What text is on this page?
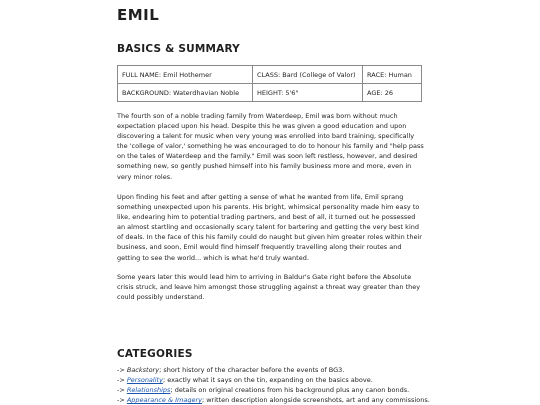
EMIL
BASICS & SUMMARY
FULL NAME: Emil Hothemer	CLASS: Bard (College of Valor)	RACE: Human
BACKGROUND: Waterdhavian Noble	HEIGHT: 5'6"	AGE: 26

The fourth son of a noble trading family from Waterdeep, Emil was born without much expectation placed upon his head. Despite this he was given a good education and upon discovering a talent for music when very young was enrolled into bard training, specifically the 'college of valor,' something he was encouraged to do to honour his family and "help pass on the tales of Waterdeep and the family." Emil was soon left restless, however, and desired something new, so gently pushed himself into his family business more and more, even in very minor roles.

Upon finding his feet and after getting a sense of what he wanted from life, Emil sprang something unexpected upon his parents. His bright, whimsical personality made him easy to like, endearing him to potential trading partners, and best of all, it turned out he possessed an almost startling and occasionally scary talent for bartering and getting the very best kind of deals. In the face of this his family could do naught but given him greater roles within their business, and soon, Emil would find himself frequently travelling along their routes and getting to see the world... which is what he'd truly wanted.

Some years later this would lead him to arriving in Baldur's Gate right before the Absolute crisis struck, and leave him amongst those struggling against a threat way greater than they could possibly understand.

CATEGORIES
-> Backstory; short history of the character before the events of BG3.
-> Personality; exactly what it says on the tin, expanding on the basics above.
-> Relationships; details on original creations from his background plus any canon bonds.
-> Appearance & Imagery; written description alongside screenshots, art and any commissions.
